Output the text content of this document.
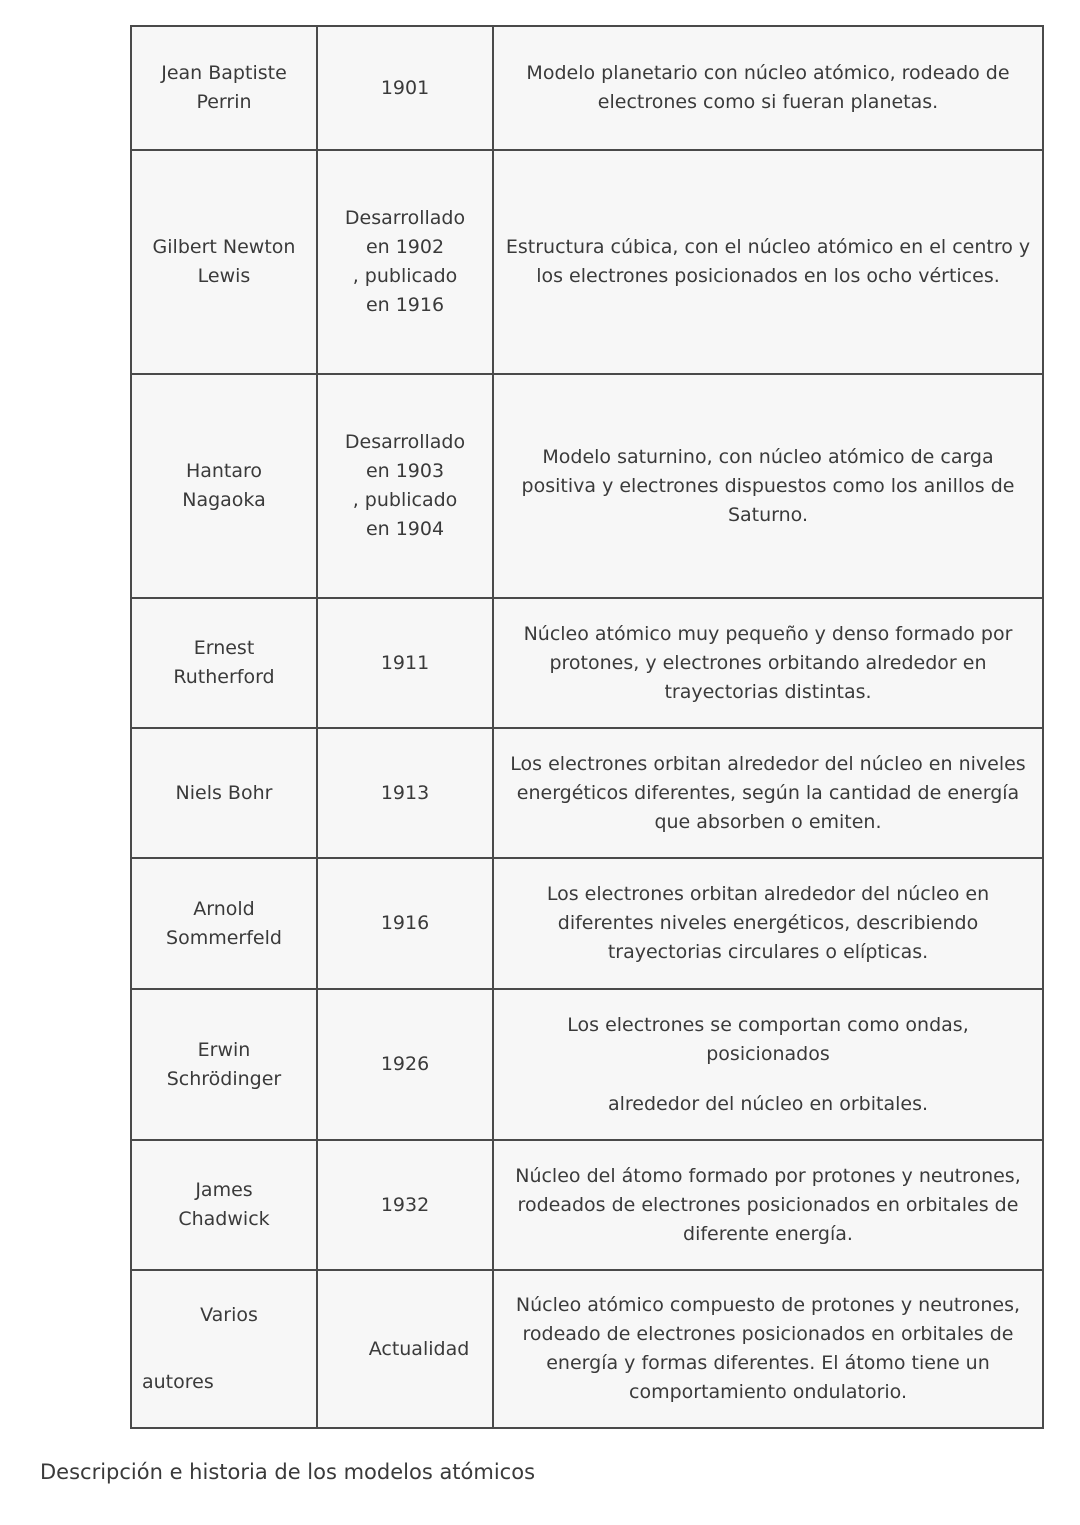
Jean Baptiste
Perrin	1901	Modelo planetario con núcleo atómico, rodeado de electrones como si fueran planetas.

Gilbert Newton
Lewis	Desarrollado
en 1902
, publicado
en 1916	Estructura cúbica, con el núcleo atómico en el centro y los electrones posicionados en los ocho vértices.

Hantaro
Nagaoka	Desarrollado
en 1903
, publicado
en 1904	Modelo saturnino, con núcleo atómico de carga positiva y electrones dispuestos como los anillos de Saturno.

Ernest
Rutherford	1911	Núcleo atómico muy pequeño y denso formado por protones, y electrones orbitando alrededor en trayectorias distintas.
Niels Bohr	1913	Los electrones orbitan alrededor del núcleo en niveles energéticos diferentes, según la cantidad de energía que absorben o emiten.

Arnold
Sommerfeld	1916	Los electrones orbitan alrededor del núcleo en diferentes niveles energéticos, describiendo trayectorias circulares o elípticas.

Erwin
Schrödinger	1926	Los electrones se comportan como ondas, posicionados
alrededor del núcleo en orbitales.

James
Chadwick	1932	Núcleo del átomo formado por protones y neutrones, rodeados de electrones posicionados en orbitales de diferente energía.

Varios
autores	Actualidad	Núcleo atómico compuesto de protones y neutrones, rodeado de electrones posicionados en orbitales de energía y formas diferentes. El átomo tiene un comportamiento ondulatorio.
Descripción e historia de los modelos atómicos
